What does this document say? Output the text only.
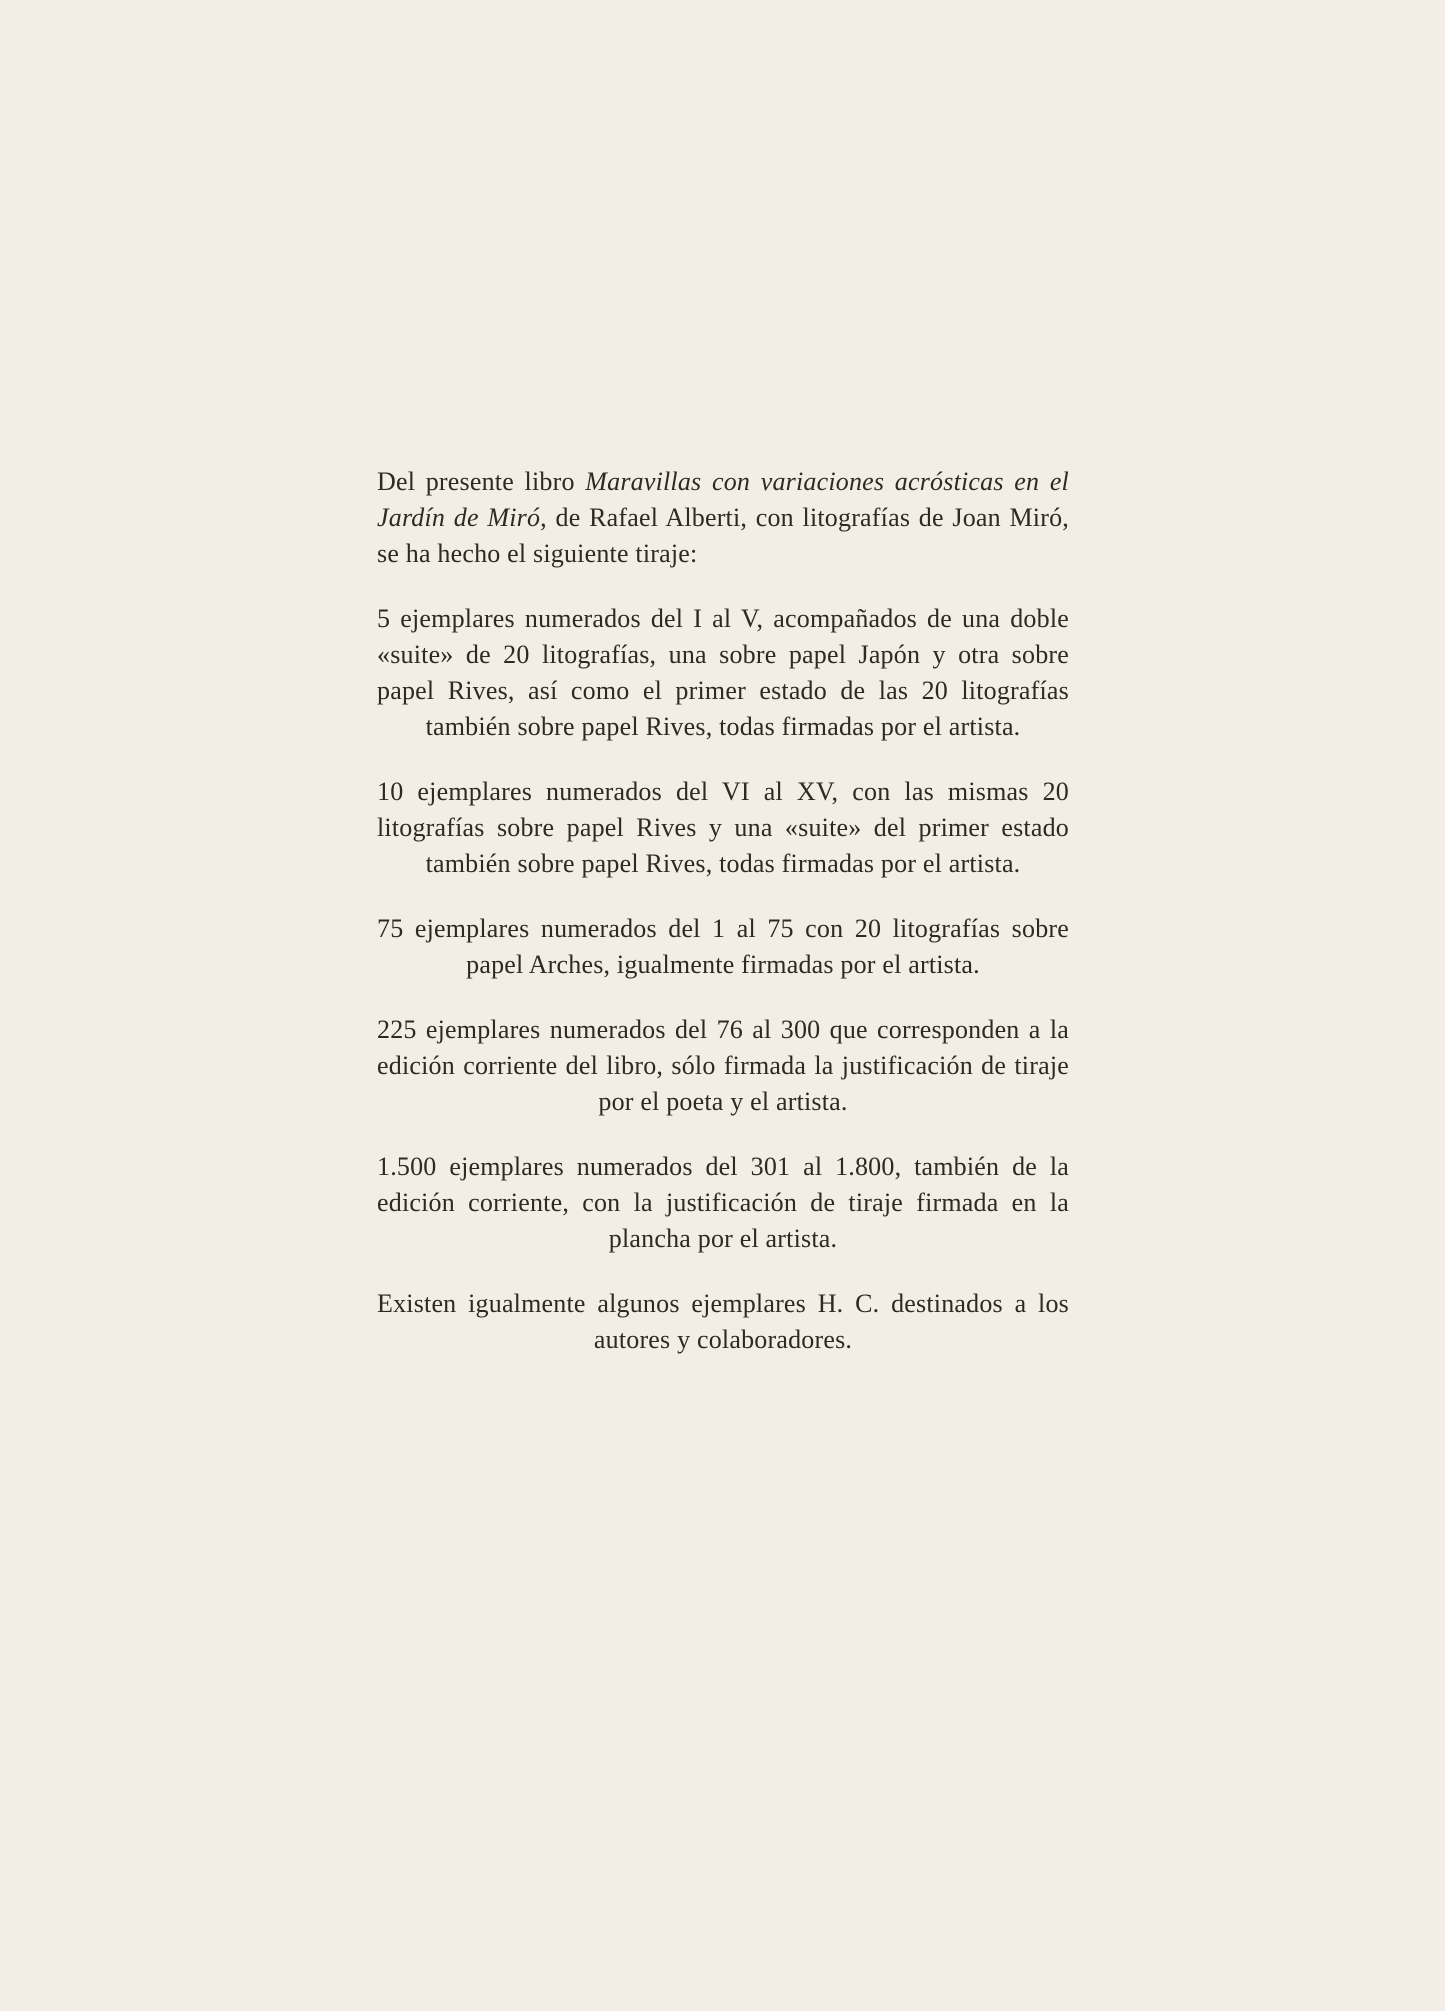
Del presente libro Maravillas con variaciones acrósticas en el Jardín de Miró, de Rafael Alberti, con litografías de Joan Miró, se ha hecho el siguiente tiraje:

5 ejemplares numerados del I al V, acompañados de una doble «suite» de 20 litografías, una sobre papel Japón y otra sobre papel Rives, así como el primer estado de las 20 litografías también sobre papel Rives, todas firmadas por el artista.

10 ejemplares numerados del VI al XV, con las mismas 20 litografías sobre papel Rives y una «suite» del primer estado también sobre papel Rives, todas firmadas por el artista.

75 ejemplares numerados del 1 al 75 con 20 litografías sobre papel Arches, igualmente firmadas por el artista.

225 ejemplares numerados del 76 al 300 que corresponden a la edición corriente del libro, sólo firmada la justificación de tiraje por el poeta y el artista.

1.500 ejemplares numerados del 301 al 1.800, también de la edición corriente, con la justificación de tiraje firmada en la plancha por el artista.

Existen igualmente algunos ejemplares H. C. destinados a los autores y colaboradores.
